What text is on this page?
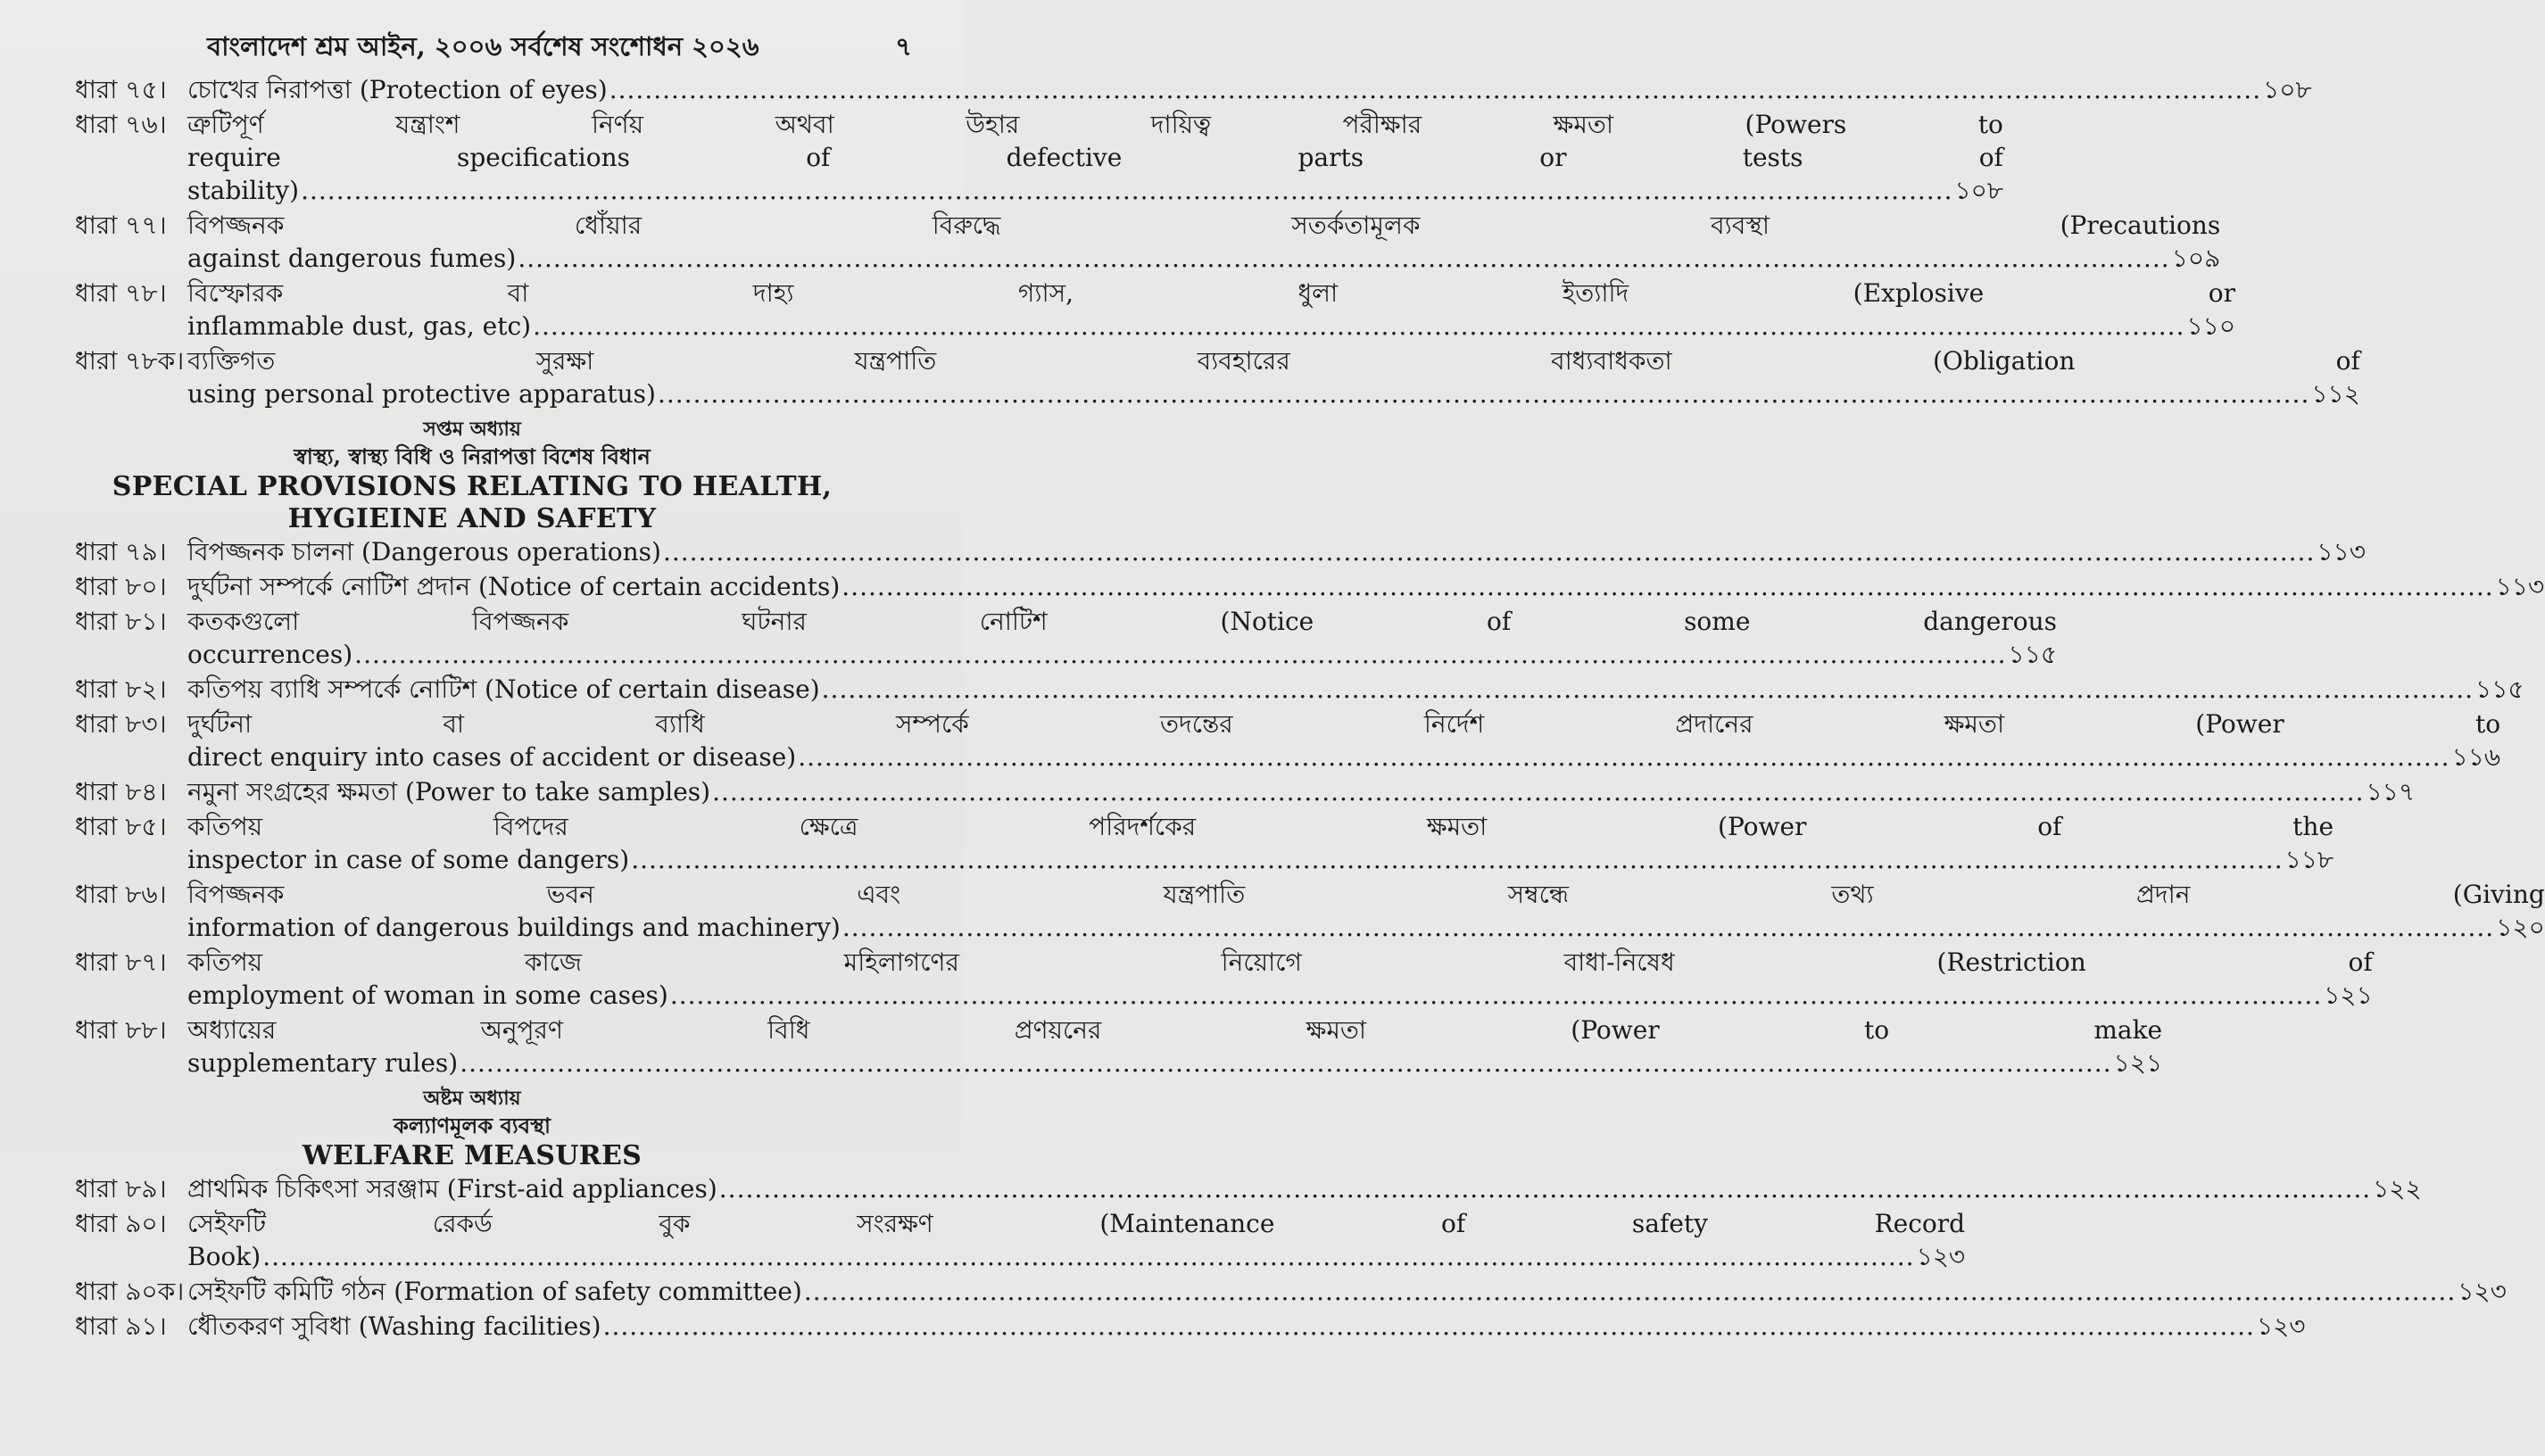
বাংলাদেশ শ্রম আইন, ২০০৬ সর্বশেষ সংশোধন ২০২৬	৭
ধারা ৭৫। চোখের নিরাপত্তা (Protection of eyes) .....	১০৮
ধারা ৭৬। ত্রুটিপূর্ণ	যন্ত্রাংশ	নির্ণয়	অথবা	উহার	দায়িত্ব	পরীক্ষার	ক্ষমতা	(Powers	to
require	specifications	of	defective	parts	or	tests	of
stability) .....	১০৮
ধারা ৭৭। বিপজ্জনক	ধোঁয়ার	বিরুদ্ধে	সতর্কতামূলক	ব্যবস্থা	(Precautions
against dangerous fumes) .....	১০৯
ধারা ৭৮। বিস্ফোরক	বা	দাহ্য	গ্যাস,	ধুলা	ইত্যাদি	(Explosive	or
inflammable dust, gas, etc) .....	১১০
ধারা ৭৮ক। ব্যক্তিগত	সুরক্ষা	যন্ত্রপাতি	ব্যবহারের	বাধ্যবাধকতা	(Obligation	of
using personal protective apparatus) .....	১১২
সপ্তম অধ্যায়
স্বাস্থ্য, স্বাস্থ্য বিধি ও নিরাপত্তা বিশেষ বিধান
SPECIAL PROVISIONS RELATING TO HEALTH,
HYGIEINE AND SAFETY
ধারা ৭৯। বিপজ্জনক চালনা (Dangerous operations) .....	১১৩
ধারা ৮০। দুর্ঘটনা সম্পর্কে নোটিশ প্রদান (Notice of certain accidents) .....	১১৩
ধারা ৮১। কতকগুলো	বিপজ্জনক	ঘটনার	নোটিশ	(Notice	of	some	dangerous
occurrences) .....	১১৫
ধারা ৮২। কতিপয় ব্যাধি সম্পর্কে নোটিশ (Notice of certain disease) .....	১১৫
ধারা ৮৩। দুর্ঘটনা	বা	ব্যাধি	সম্পর্কে	তদন্তের	নির্দেশ	প্রদানের	ক্ষমতা	(Power	to
direct enquiry into cases of accident or disease) .....	১১৬
ধারা ৮৪। নমুনা সংগ্রহের ক্ষমতা (Power to take samples) .....	১১৭
ধারা ৮৫। কতিপয়	বিপদের	ক্ষেত্রে	পরিদর্শকের	ক্ষমতা	(Power	of	the
inspector in case of some dangers) .....	১১৮
ধারা ৮৬। বিপজ্জনক	ভবন	এবং	যন্ত্রপাতি	সম্বন্ধে	তথ্য	প্রদান	(Giving
information of dangerous buildings and machinery) .....	১২০
ধারা ৮৭। কতিপয়	কাজে	মহিলাগণের	নিয়োগে	বাধা-নিষেধ	(Restriction	of
employment of woman in some cases) .....	১২১
ধারা ৮৮। অধ্যায়ের	অনুপূরণ	বিধি	প্রণয়নের	ক্ষমতা	(Power	to	make
supplementary rules) .....	১২১
অষ্টম অধ্যায়
কল্যাণমূলক ব্যবস্থা
WELFARE MEASURES
ধারা ৮৯। প্রাথমিক চিকিৎসা সরঞ্জাম (First-aid appliances) .....	১২২
ধারা ৯০। সেইফটি	রেকর্ড	বুক	সংরক্ষণ	(Maintenance	of	safety	Record
Book) .....	১২৩
ধারা ৯০ক। সেইফটি কমিটি গঠন (Formation of safety committee) .....	১২৩
ধারা ৯১। ধৌতকরণ সুবিধা (Washing facilities) .....	১২৩
